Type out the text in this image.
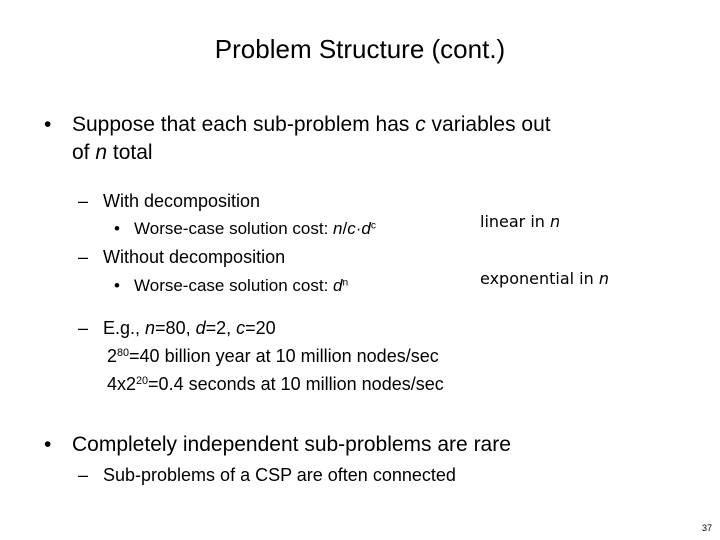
Problem Structure (cont.)
• Suppose that each sub-problem has c variables out
of n total
– With decomposition
• Worse-case solution cost: $n/c\cdot d^c$
– Without decomposition
• Worse-case solution cost: $d^n$
linear in n
exponential in n
– E.g., n=80, d=2, c=20
$2^{80}=40$ billion year at 10 million nodes/sec
$4x2^{20}=0.4$ seconds at 10 million nodes/sec
• Completely independent sub-problems are rare
– Sub-problems of a CSP are often connected
37
